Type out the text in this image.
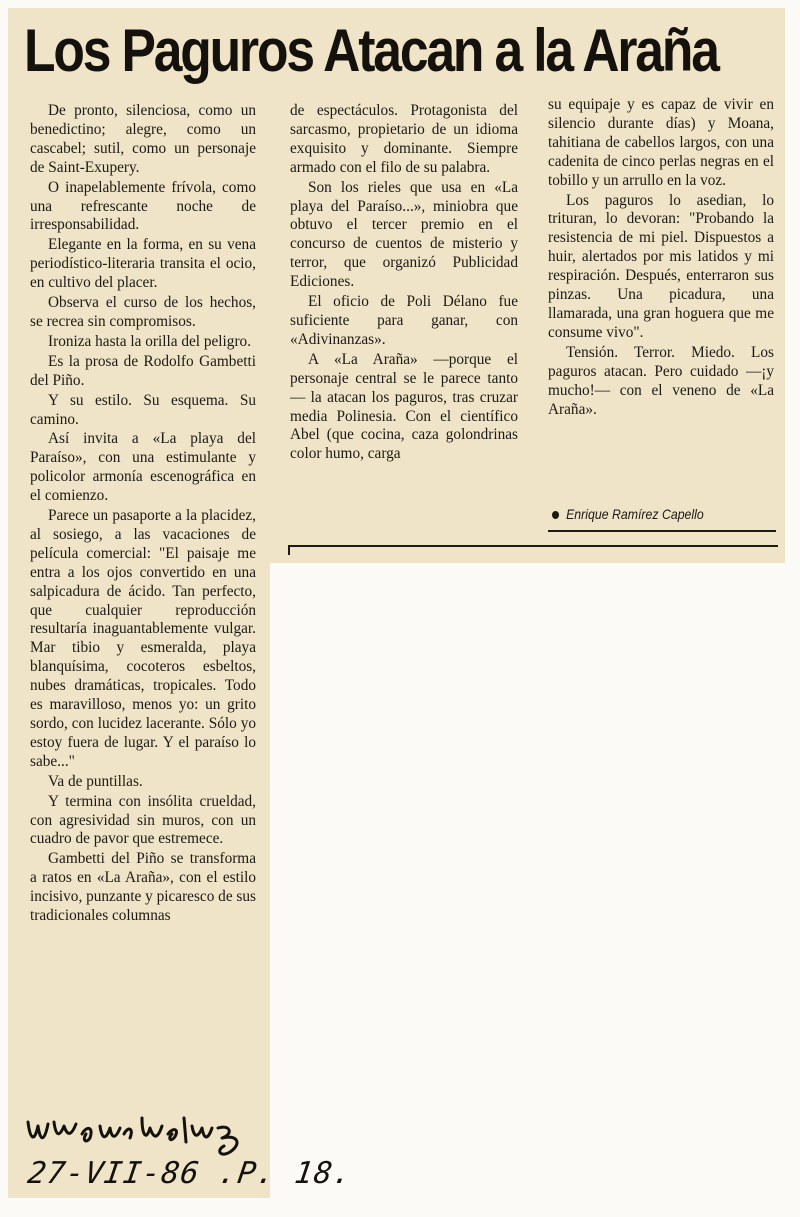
Los Paguros Atacan a la Araña

De pronto, silenciosa, como un benedictino; alegre, como un cascabel; sutil, como un personaje de Saint-Exupery.

O inapelablemente frívola, como una refrescante noche de irresponsabilidad.

Elegante en la forma, en su vena periodístico-literaria transita el ocio, en cultivo del placer.

Observa el curso de los hechos, se recrea sin compromisos.

Ironiza hasta la orilla del peligro.

Es la prosa de Rodolfo Gambetti del Piño.

Y su estilo. Su esquema. Su camino.

Así invita a «La playa del Paraíso», con una estimulante y policolor armonía escenográfica en el comienzo.

Parece un pasaporte a la placidez, al sosiego, a las vacaciones de película comercial: "El paisaje me entra a los ojos convertido en una salpicadura de ácido. Tan perfecto, que cualquier reproducción resultaría inaguantablemente vulgar. Mar tibio y esmeralda, playa blanquísima, cocoteros esbeltos, nubes dramáticas, tropicales. Todo es maravilloso, menos yo: un grito sordo, con lucidez lacerante. Sólo yo estoy fuera de lugar. Y el paraíso lo sabe..."

Va de puntillas.

Y termina con insólita crueldad, con agresividad sin muros, con un cuadro de pavor que estremece.

Gambetti del Piño se transforma a ratos en «La Araña», con el estilo incisivo, punzante y picaresco de sus tradicionales columnas

de espectáculos. Protagonista del sarcasmo, propietario de un idioma exquisito y dominante. Siempre armado con el filo de su palabra.

Son los rieles que usa en «La playa del Paraíso...», miniobra que obtuvo el tercer premio en el concurso de cuentos de misterio y terror, que organizó Publicidad Ediciones.

El oficio de Poli Délano fue suficiente para ganar, con «Adivinanzas».

A «La Araña» —porque el personaje central se le parece tanto— la atacan los paguros, tras cruzar media Polinesia. Con el científico Abel (que cocina, caza golondrinas color humo, carga

su equipaje y es capaz de vivir en silencio durante días) y Moana, tahitiana de cabellos largos, con una cadenita de cinco perlas negras en el tobillo y un arrullo en la voz.

Los paguros lo asedian, lo trituran, lo devoran: "Probando la resistencia de mi piel. Dispuestos a huir, alertados por mis latidos y mi respiración. Después, enterraron sus pinzas. Una picadura, una llamarada, una gran hoguera que me consume vivo".

Tensión. Terror. Miedo. Los paguros atacan. Pero cuidado —¡y mucho!— con el veneno de «La Araña».

Enrique Ramírez Capello
27-VII-86 .P. 18.
